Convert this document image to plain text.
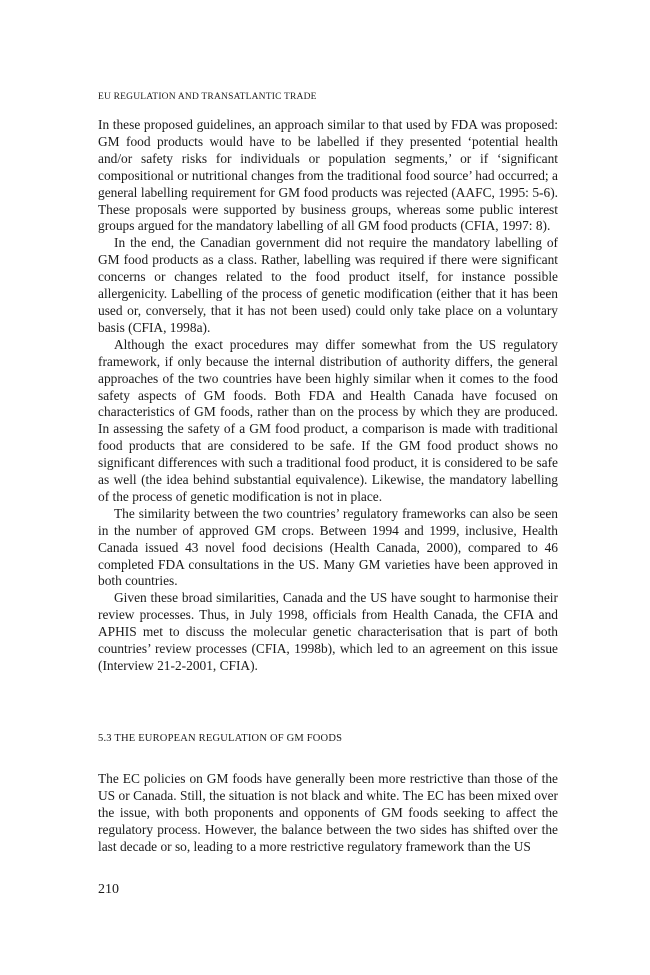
EU REGULATION AND TRANSATLANTIC TRADE

In these proposed guidelines, an approach similar to that used by FDA was proposed: GM food products would have to be labelled if they presented ‘potential health and/or safety risks for individuals or population segments,’ or if ‘significant compositional or nutritional changes from the traditional food source’ had occurred; a general labelling requirement for GM food products was rejected (AAFC, 1995: 5-6). These proposals were supported by business groups, whereas some public interest groups argued for the mandatory labelling of all GM food products (CFIA, 1997: 8).

In the end, the Canadian government did not require the mandatory labelling of GM food products as a class. Rather, labelling was required if there were significant concerns or changes related to the food product itself, for instance possible allergenicity. Labelling of the process of genetic modification (either that it has been used or, conversely, that it has not been used) could only take place on a voluntary basis (CFIA, 1998a).

Although the exact procedures may differ somewhat from the US regulatory framework, if only because the internal distribution of authority differs, the general approaches of the two countries have been highly similar when it comes to the food safety aspects of GM foods. Both FDA and Health Canada have focused on characteristics of GM foods, rather than on the process by which they are produced. In assessing the safety of a GM food product, a comparison is made with traditional food products that are considered to be safe. If the GM food product shows no significant differences with such a traditional food product, it is considered to be safe as well (the idea behind substantial equivalence). Likewise, the mandatory labelling of the process of genetic modification is not in place.

The similarity between the two countries’ regulatory frameworks can also be seen in the number of approved GM crops. Between 1994 and 1999, inclusive, Health Canada issued 43 novel food decisions (Health Canada, 2000), compared to 46 completed FDA consultations in the US. Many GM varieties have been approved in both countries.

Given these broad similarities, Canada and the US have sought to harmonise their review processes. Thus, in July 1998, officials from Health Canada, the CFIA and APHIS met to discuss the molecular genetic characterisation that is part of both countries’ review processes (CFIA, 1998b), which led to an agreement on this issue (Interview 21-2-2001, CFIA).

5.3 THE EUROPEAN REGULATION OF GM FOODS

The EC policies on GM foods have generally been more restrictive than those of the US or Canada. Still, the situation is not black and white. The EC has been mixed over the issue, with both proponents and opponents of GM foods seeking to affect the regulatory process. However, the balance between the two sides has shifted over the last decade or so, leading to a more restrictive regulatory framework than the US

210
